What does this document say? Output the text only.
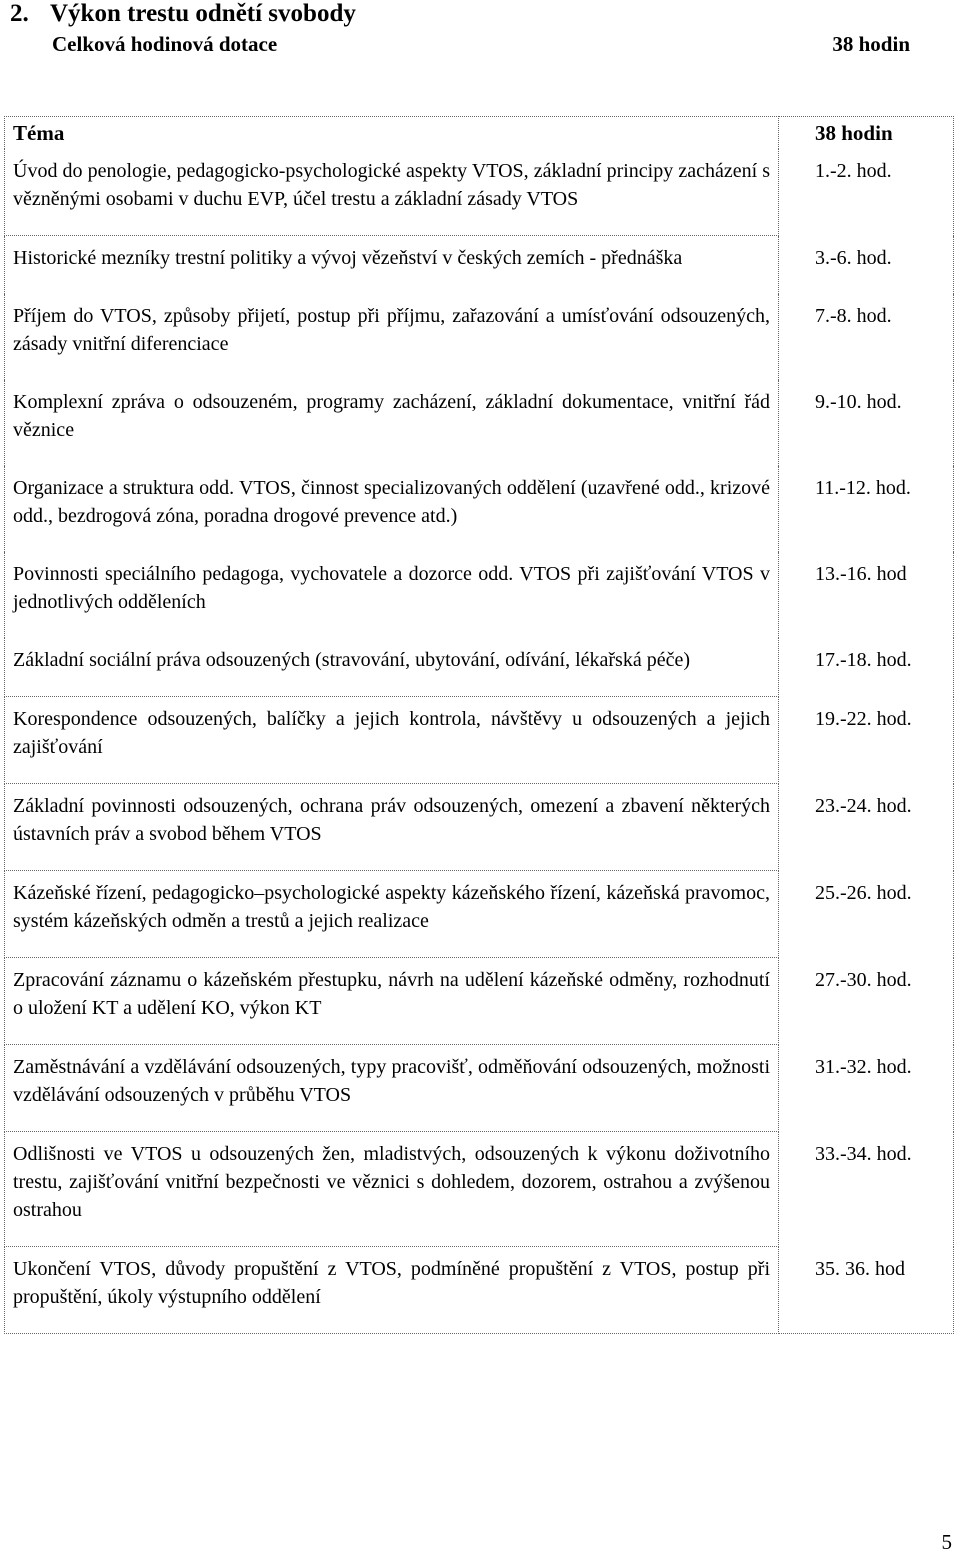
2. Výkon trestu odnětí svobody
Celková hodinová dotace	38 hodin
Téma	38 hodin
Úvod do penologie, pedagogicko-psychologické aspekty VTOS, základní principy zacházení s vězněnými osobami v duchu EVP, účel trestu a základní zásady VTOS	1.-2. hod.
Historické mezníky trestní politiky a vývoj vězeňství v českých zemích - přednáška	3.-6. hod.
Příjem do VTOS, způsoby přijetí, postup při příjmu, zařazování a umísťování odsouzených, zásady vnitřní diferenciace	7.-8. hod.
Komplexní zpráva o odsouzeném, programy zacházení, základní dokumentace, vnitřní řád věznice	9.-10. hod.
Organizace a struktura odd. VTOS, činnost specializovaných oddělení (uzavřené odd., krizové odd., bezdrogová zóna, poradna drogové prevence atd.)	11.-12. hod.
Povinnosti speciálního pedagoga, vychovatele a dozorce odd. VTOS při zajišťování VTOS v jednotlivých odděleních	13.-16. hod
Základní sociální práva odsouzených (stravování, ubytování, odívání, lékařská péče)	17.-18. hod.
Korespondence odsouzených, balíčky a jejich kontrola, návštěvy u odsouzených a jejich zajišťování	19.-22. hod.
Základní povinnosti odsouzených, ochrana práv odsouzených, omezení a zbavení některých ústavních práv a svobod během VTOS	23.-24. hod.
Kázeňské řízení, pedagogicko–psychologické aspekty kázeňského řízení, kázeňská pravomoc, systém kázeňských odměn a trestů a jejich realizace	25.-26. hod.
Zpracování záznamu o kázeňském přestupku, návrh na udělení kázeňské odměny, rozhodnutí o uložení KT a udělení KO, výkon KT	27.-30. hod.
Zaměstnávání a vzdělávání odsouzených, typy pracovišť, odměňování odsouzených, možnosti vzdělávání odsouzených v průběhu VTOS	31.-32. hod.
Odlišnosti ve VTOS u odsouzených žen, mladistvých, odsouzených k výkonu doživotního trestu, zajišťování vnitřní bezpečnosti ve věznici s dohledem, dozorem, ostrahou a zvýšenou ostrahou	33.-34. hod.
Ukončení VTOS, důvody propuštění z VTOS, podmíněné propuštění z VTOS, postup při propuštění, úkoly výstupního oddělení	35. 36. hod
5
